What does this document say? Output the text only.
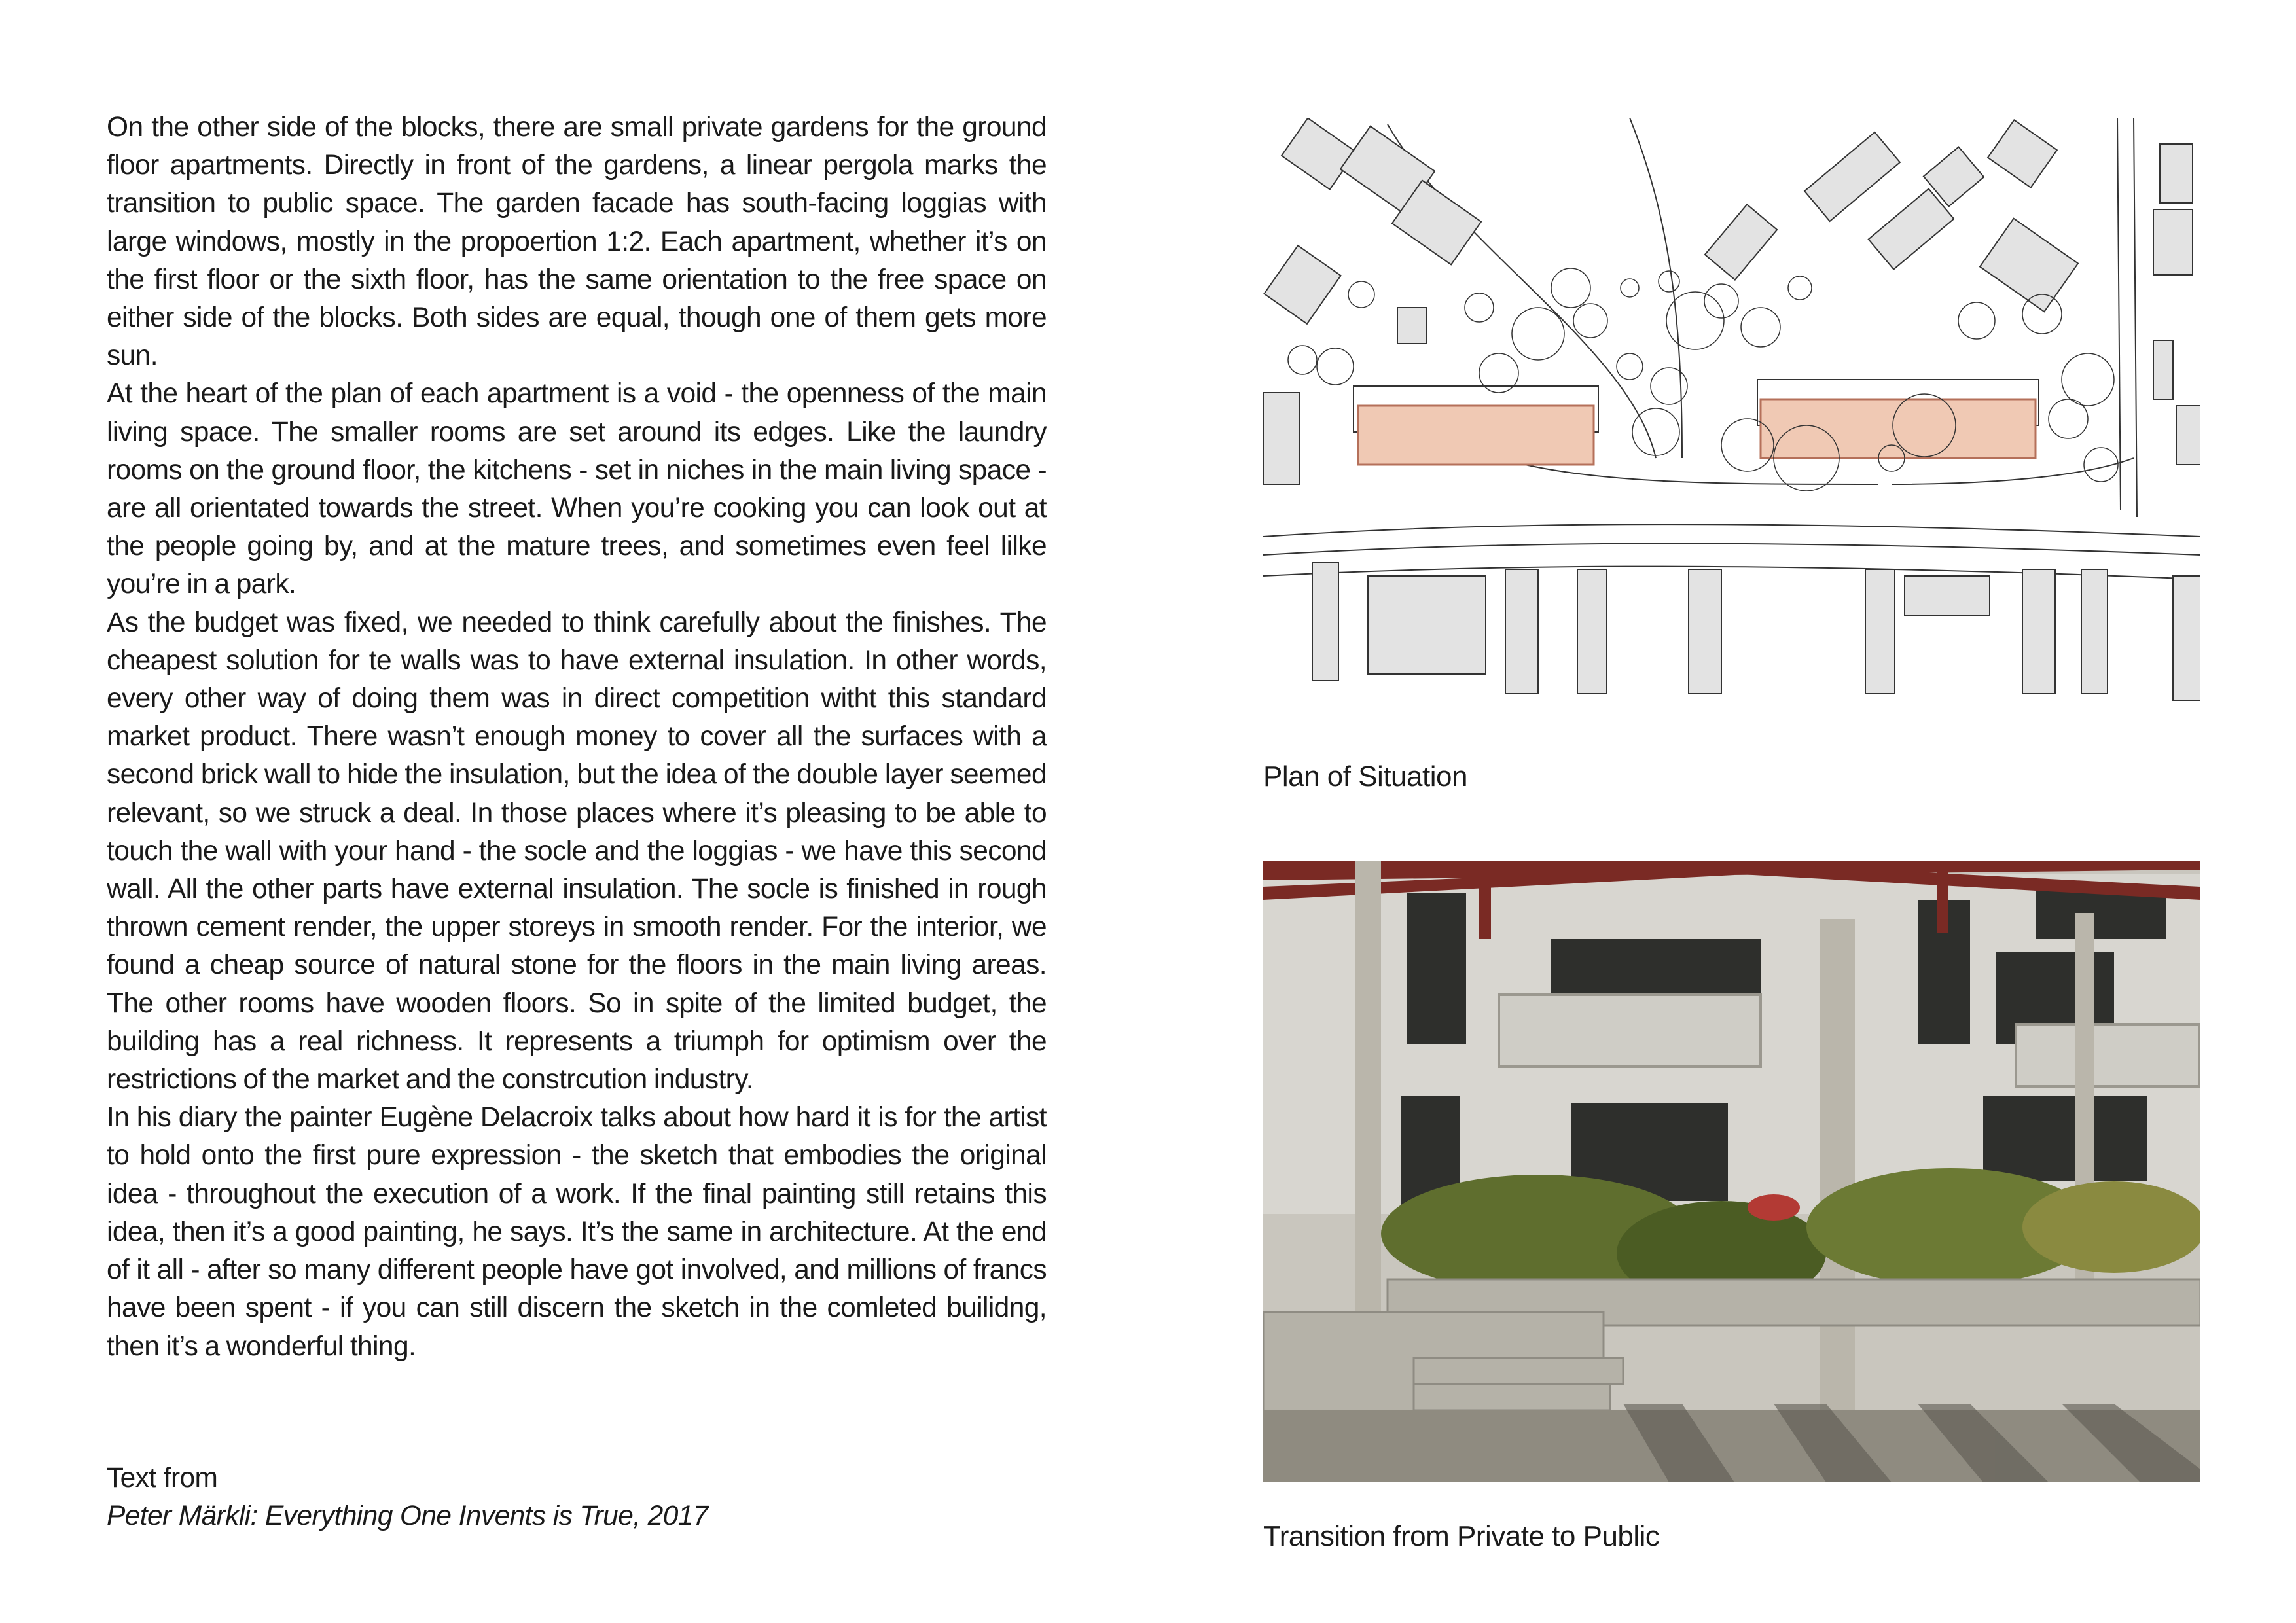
On the other side of the blocks, there are small private gardens for the ground floor apartments. Directly in front of the gardens, a linear pergola marks the transition to public space. The garden facade has south-facing loggias with large windows, mostly in the propoertion 1:2. Each apartment, whether it’s on the first floor or the sixth floor, has the same orientation to the free space on either side of the blocks. Both sides are equal, though one of them gets more sun.

At the heart of the plan of each apartment is a void - the openness of the main living space. The smaller rooms are set around its edges. Like the laundry rooms on the ground floor, the kitchens - set in niches in the main living space - are all orientated towards the street. When you’re cooking you can look out at the people going by, and at the mature trees, and sometimes even feel lilke you’re in a park.

As the budget was fixed, we needed to think carefully about the finishes. The cheapest solution for te walls was to have external insulation. In other words, every other way of doing them was in direct competition witht this standard market product. There wasn’t enough money to cover all the surfaces with a second brick wall to hide the insulation, but the idea of the double layer seemed relevant, so we struck a deal. In those places where it’s pleasing to be able to touch the wall with your hand - the socle and the loggias - we have this second wall. All the other parts have external insulation. The socle is finished in rough thrown cement render, the upper storeys in smooth render. For the interior, we found a cheap source of natural stone for the floors in the main living areas. The other rooms have wooden floors. So in spite of the limited budget, the building has a real richness. It represents a triumph for optimism over the restrictions of the market and the constrcution industry.

In his diary the painter Eugène Delacroix talks about how hard it is for the artist to hold onto the first pure expression - the sketch that embodies the original idea - throughout the execution of a work. If the final painting still retains this idea, then it’s a good painting, he says. It’s the same in architecture. At the end of it all - after so many different people have got involved, and millions of francs have been spent - if you can still discern the sketch in the comleted builidng, then it’s a wonderful thing.

Text from
Peter Märkli: Everything One Invents is True, 2017
Plan of Situation
Transition from Private to Public
